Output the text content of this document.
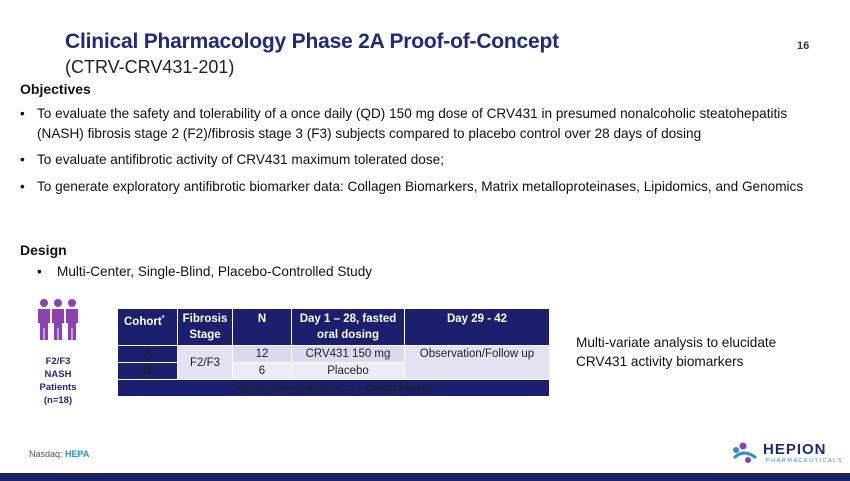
Clinical Pharmacology Phase 2A Proof-of-Concept
(CTRV-CRV431-201)
16
Objectives
• To evaluate the safety and tolerability of a once daily (QD) 150 mg dose of CRV431 in presumed nonalcoholic steatohepatitis (NASH) fibrosis stage 2 (F2)/fibrosis stage 3 (F3) subjects compared to placebo control over 28 days of dosing
• To evaluate antifibrotic activity of CRV431 maximum tolerated dose;
• To generate exploratory antifibrotic biomarker data: Collagen Biomarkers, Matrix metalloproteinases, Lipidomics, and Genomics
Design
• Multi-Center, Single-Blind, Placebo-Controlled Study
F2/F3
NASH
Patients
(n=18)
Cohort*	Fibrosis Stage	N	Day 1 – 28, fasted oral dosing	Day 29 - 42
A	F2/F3	12	CRV431 150 mg	Observation/Follow up
B		6	Placebo	
*Randomized assignment; 2:1 – CRV431:Placebo				
Multi-variate analysis to elucidate CRV431 activity biomarkers
Nasdaq: HEPA	HEPION
PHARMACEUTICALS
